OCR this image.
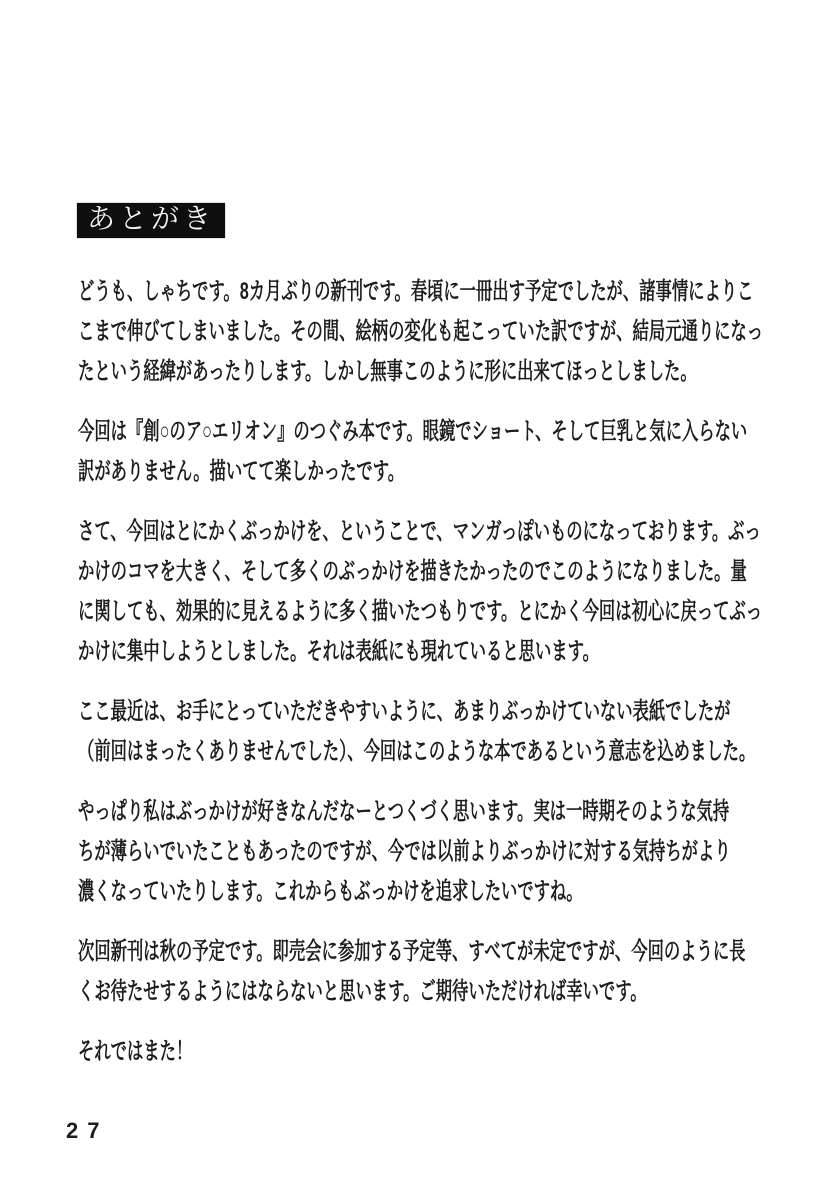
あとがき
どうも、しゃちです。8カ月ぶりの新刊です。春頃に一冊出す予定でしたが、諸事情によりこ
こまで伸びてしまいました。その間、絵柄の変化も起こっていた訳ですが、結局元通りになっ
たという経緯があったりします。しかし無事このように形に出来てほっとしました。
今回は『創○のア○エリオン』のつぐみ本です。眼鏡でショート、そして巨乳と気に入らない
訳がありません。描いてて楽しかったです。
さて、今回はとにかくぶっかけを、ということで、マンガっぽいものになっております。ぶっ
かけのコマを大きく、そして多くのぶっかけを描きたかったのでこのようになりました。量
に関しても、効果的に見えるように多く描いたつもりです。とにかく今回は初心に戻ってぶっ
かけに集中しようとしました。それは表紙にも現れていると思います。
ここ最近は、お手にとっていただきやすいように、あまりぶっかけていない表紙でしたが
（前回はまったくありませんでした）、今回はこのような本であるという意志を込めました。
やっぱり私はぶっかけが好きなんだなーとつくづく思います。実は一時期そのような気持
ちが薄らいでいたこともあったのですが、今では以前よりぶっかけに対する気持ちがより
濃くなっていたりします。これからもぶっかけを追求したいですね。
次回新刊は秋の予定です。即売会に参加する予定等、すべてが未定ですが、今回のように長
くお待たせするようにはならないと思います。ご期待いただければ幸いです。
それではまた！
27
